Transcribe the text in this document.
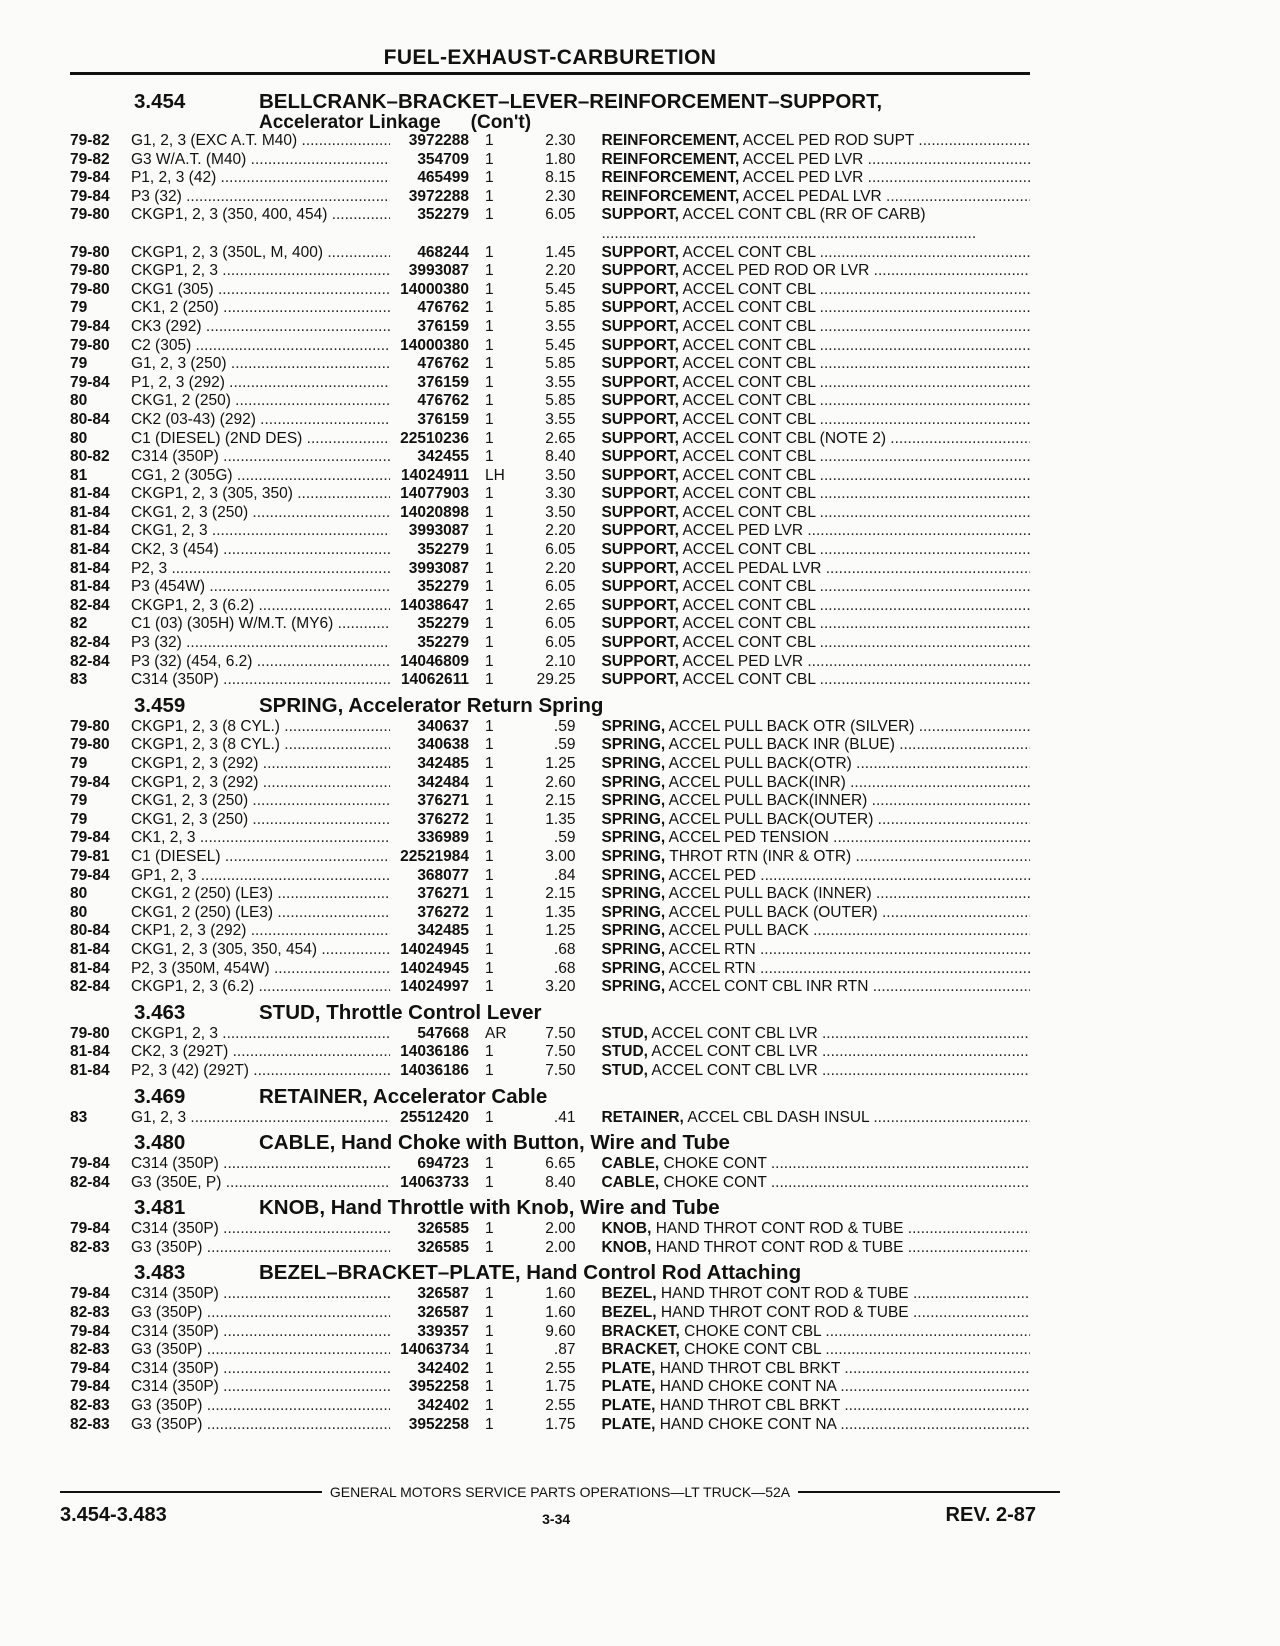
FUEL-EXHAUST-CARBURETION
3.454	BELLCRANK–BRACKET–LEVER–REINFORCEMENT–SUPPORT,
Accelerator Linkage (Con't)
79-82	G1, 2, 3 (EXC A.T. M40) .....	3972288	1	2.30	REINFORCEMENT, ACCEL PED ROD SUPT .....
79-82	G3 W/A.T. (M40) .....	354709	1	1.80	REINFORCEMENT, ACCEL PED LVR .....
79-84	P1, 2, 3 (42) .....	465499	1	8.15	REINFORCEMENT, ACCEL PED LVR .....
79-84	P3 (32) .....	3972288	1	2.30	REINFORCEMENT, ACCEL PEDAL LVR .....
79-80	CKGP1, 2, 3 (350, 400, 454) .....	352279	1	6.05	SUPPORT, ACCEL CONT CBL (RR OF CARB) .....
79-80	CKGP1, 2, 3 (350L, M, 400) .....	468244	1	1.45	SUPPORT, ACCEL CONT CBL .....
79-80	CKGP1, 2, 3 .....	3993087	1	2.20	SUPPORT, ACCEL PED ROD OR LVR .....
79-80	CKG1 (305) .....	14000380	1	5.45	SUPPORT, ACCEL CONT CBL .....
79	CK1, 2 (250) .....	476762	1	5.85	SUPPORT, ACCEL CONT CBL .....
79-84	CK3 (292) .....	376159	1	3.55	SUPPORT, ACCEL CONT CBL .....
79-80	C2 (305) .....	14000380	1	5.45	SUPPORT, ACCEL CONT CBL .....
79	G1, 2, 3 (250) .....	476762	1	5.85	SUPPORT, ACCEL CONT CBL .....
79-84	P1, 2, 3 (292) .....	376159	1	3.55	SUPPORT, ACCEL CONT CBL .....
80	CKG1, 2 (250) .....	476762	1	5.85	SUPPORT, ACCEL CONT CBL .....
80-84	CK2 (03-43) (292) .....	376159	1	3.55	SUPPORT, ACCEL CONT CBL .....
80	C1 (DIESEL) (2ND DES) .....	22510236	1	2.65	SUPPORT, ACCEL CONT CBL (NOTE 2) .....
80-82	C314 (350P) .....	342455	1	8.40	SUPPORT, ACCEL CONT CBL .....
81	CG1, 2 (305G) .....	14024911	LH	3.50	SUPPORT, ACCEL CONT CBL .....
81-84	CKGP1, 2, 3 (305, 350) .....	14077903	1	3.30	SUPPORT, ACCEL CONT CBL .....
81-84	CKG1, 2, 3 (250) .....	14020898	1	3.50	SUPPORT, ACCEL CONT CBL .....
81-84	CKG1, 2, 3 .....	3993087	1	2.20	SUPPORT, ACCEL PED LVR .....
81-84	CK2, 3 (454) .....	352279	1	6.05	SUPPORT, ACCEL CONT CBL .....
81-84	P2, 3 .....	3993087	1	2.20	SUPPORT, ACCEL PEDAL LVR .....
81-84	P3 (454W) .....	352279	1	6.05	SUPPORT, ACCEL CONT CBL .....
82-84	CKGP1, 2, 3 (6.2) .....	14038647	1	2.65	SUPPORT, ACCEL CONT CBL .....
82	C1 (03) (305H) W/M.T. (MY6) .....	352279	1	6.05	SUPPORT, ACCEL CONT CBL .....
82-84	P3 (32) .....	352279	1	6.05	SUPPORT, ACCEL CONT CBL .....
82-84	P3 (32) (454, 6.2) .....	14046809	1	2.10	SUPPORT, ACCEL PED LVR .....
83	C314 (350P) .....	14062611	1	29.25	SUPPORT, ACCEL CONT CBL .....
3.459	SPRING, Accelerator Return Spring
79-80	CKGP1, 2, 3 (8 CYL.) .....	340637	1	.59	SPRING, ACCEL PULL BACK OTR (SILVER) .....
79-80	CKGP1, 2, 3 (8 CYL.) .....	340638	1	.59	SPRING, ACCEL PULL BACK INR (BLUE) .....
79	CKGP1, 2, 3 (292) .....	342485	1	1.25	SPRING, ACCEL PULL BACK(OTR) .....
79-84	CKGP1, 2, 3 (292) .....	342484	1	2.60	SPRING, ACCEL PULL BACK(INR) .....
79	CKG1, 2, 3 (250) .....	376271	1	2.15	SPRING, ACCEL PULL BACK(INNER) .....
79	CKG1, 2, 3 (250) .....	376272	1	1.35	SPRING, ACCEL PULL BACK(OUTER) .....
79-84	CK1, 2, 3 .....	336989	1	.59	SPRING, ACCEL PED TENSION .....
79-81	C1 (DIESEL) .....	22521984	1	3.00	SPRING, THROT RTN (INR & OTR) .....
79-84	GP1, 2, 3 .....	368077	1	.84	SPRING, ACCEL PED .....
80	CKG1, 2 (250) (LE3) .....	376271	1	2.15	SPRING, ACCEL PULL BACK (INNER) .....
80	CKG1, 2 (250) (LE3) .....	376272	1	1.35	SPRING, ACCEL PULL BACK (OUTER) .....
80-84	CKP1, 2, 3 (292) .....	342485	1	1.25	SPRING, ACCEL PULL BACK .....
81-84	CKG1, 2, 3 (305, 350, 454) .....	14024945	1	.68	SPRING, ACCEL RTN .....
81-84	P2, 3 (350M, 454W) .....	14024945	1	.68	SPRING, ACCEL RTN .....
82-84	CKGP1, 2, 3 (6.2) .....	14024997	1	3.20	SPRING, ACCEL CONT CBL INR RTN .....
3.463	STUD, Throttle Control Lever
79-80	CKGP1, 2, 3 .....	547668	AR	7.50	STUD, ACCEL CONT CBL LVR .....
81-84	CK2, 3 (292T) .....	14036186	1	7.50	STUD, ACCEL CONT CBL LVR .....
81-84	P2, 3 (42) (292T) .....	14036186	1	7.50	STUD, ACCEL CONT CBL LVR .....
3.469	RETAINER, Accelerator Cable
83	G1, 2, 3 .....	25512420	1	.41	RETAINER, ACCEL CBL DASH INSUL .....
3.480	CABLE, Hand Choke with Button, Wire and Tube
79-84	C314 (350P) .....	694723	1	6.65	CABLE, CHOKE CONT .....
82-84	G3 (350E, P) .....	14063733	1	8.40	CABLE, CHOKE CONT .....
3.481	KNOB, Hand Throttle with Knob, Wire and Tube
79-84	C314 (350P) .....	326585	1	2.00	KNOB, HAND THROT CONT ROD & TUBE .....
82-83	G3 (350P) .....	326585	1	2.00	KNOB, HAND THROT CONT ROD & TUBE .....
3.483	BEZEL–BRACKET–PLATE, Hand Control Rod Attaching
79-84	C314 (350P) .....	326587	1	1.60	BEZEL, HAND THROT CONT ROD & TUBE .....
82-83	G3 (350P) .....	326587	1	1.60	BEZEL, HAND THROT CONT ROD & TUBE .....
79-84	C314 (350P) .....	339357	1	9.60	BRACKET, CHOKE CONT CBL .....
82-83	G3 (350P) .....	14063734	1	.87	BRACKET, CHOKE CONT CBL .....
79-84	C314 (350P) .....	342402	1	2.55	PLATE, HAND THROT CBL BRKT .....
79-84	C314 (350P) .....	3952258	1	1.75	PLATE, HAND CHOKE CONT NA .....
82-83	G3 (350P) .....	342402	1	2.55	PLATE, HAND THROT CBL BRKT .....
82-83	G3 (350P) .....	3952258	1	1.75	PLATE, HAND CHOKE CONT NA .....
GENERAL MOTORS SERVICE PARTS OPERATIONS—LT TRUCK—52A
3.454-3.483	3-34	REV. 2-87
